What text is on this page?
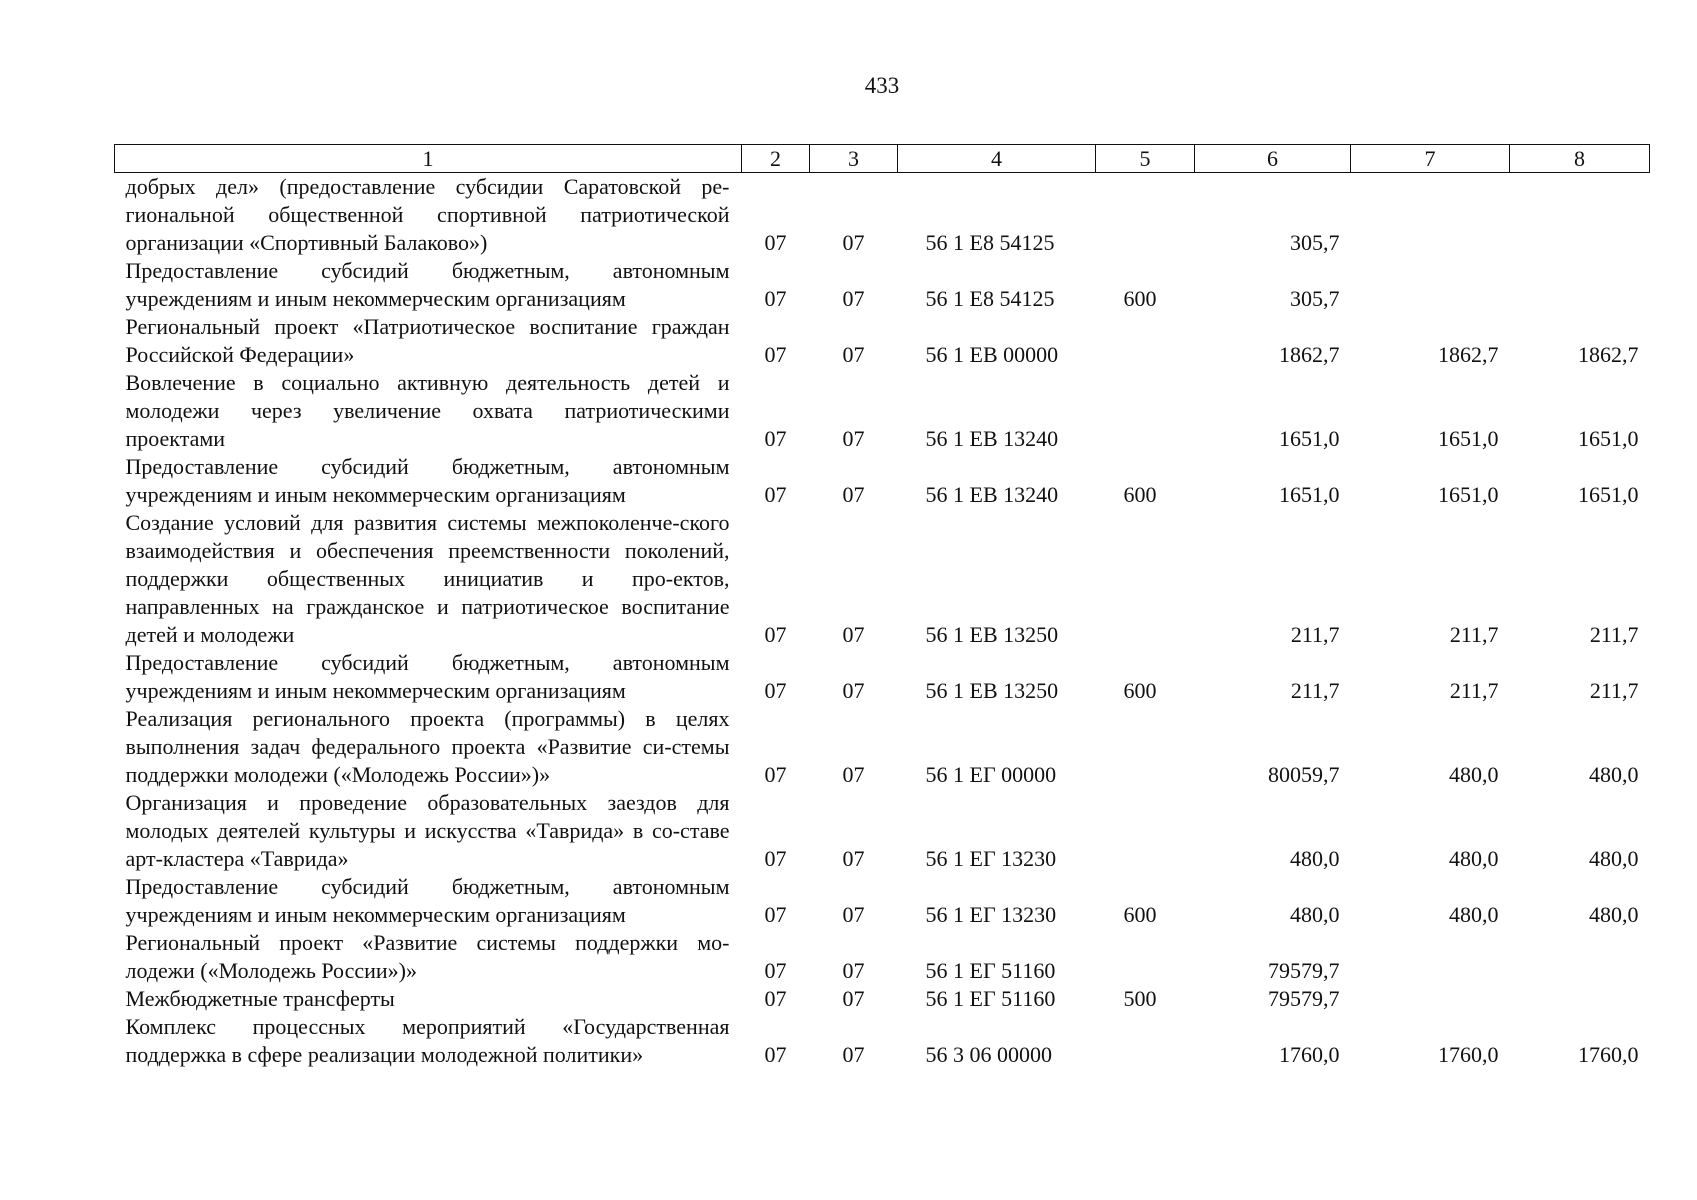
433
1	2	3	4	5	6	7	8
добрых дел» (предоставление субсидии Саратовской ре-гиональной общественной спортивной патриотической организации «Спортивный Балаково»)	07	07	56 1 Е8 54125		305,7		
Предоставление субсидий бюджетным, автономным учреждениям и иным некоммерческим организациям	07	07	56 1 Е8 54125	600	305,7		
Региональный проект «Патриотическое воспитание граждан Российской Федерации»	07	07	56 1 ЕВ 00000		1862,7	1862,7	1862,7
Вовлечение в социально активную деятельность детей и молодежи через увеличение охвата патриотическими проектами	07	07	56 1 ЕВ 13240		1651,0	1651,0	1651,0
Предоставление субсидий бюджетным, автономным учреждениям и иным некоммерческим организациям	07	07	56 1 ЕВ 13240	600	1651,0	1651,0	1651,0
Создание условий для развития системы межпоколенче-ского взаимодействия и обеспечения преемственности поколений, поддержки общественных инициатив и про-ектов, направленных на гражданское и патриотическое воспитание детей и молодежи	07	07	56 1 ЕВ 13250		211,7	211,7	211,7
Предоставление субсидий бюджетным, автономным учреждениям и иным некоммерческим организациям	07	07	56 1 ЕВ 13250	600	211,7	211,7	211,7
Реализация регионального проекта (программы) в целях выполнения задач федерального проекта «Развитие си-стемы поддержки молодежи («Молодежь России»)»	07	07	56 1 ЕГ 00000		80059,7	480,0	480,0
Организация и проведение образовательных заездов для молодых деятелей культуры и искусства «Таврида» в со-ставе арт-кластера «Таврида»	07	07	56 1 ЕГ 13230		480,0	480,0	480,0
Предоставление субсидий бюджетным, автономным учреждениям и иным некоммерческим организациям	07	07	56 1 ЕГ 13230	600	480,0	480,0	480,0
Региональный проект «Развитие системы поддержки мо-лодежи («Молодежь России»)»	07	07	56 1 ЕГ 51160		79579,7		
Межбюджетные трансферты	07	07	56 1 ЕГ 51160	500	79579,7		
Комплекс процессных мероприятий «Государственная поддержка в сфере реализации молодежной политики»	07	07	56 3 06 00000		1760,0	1760,0	1760,0
